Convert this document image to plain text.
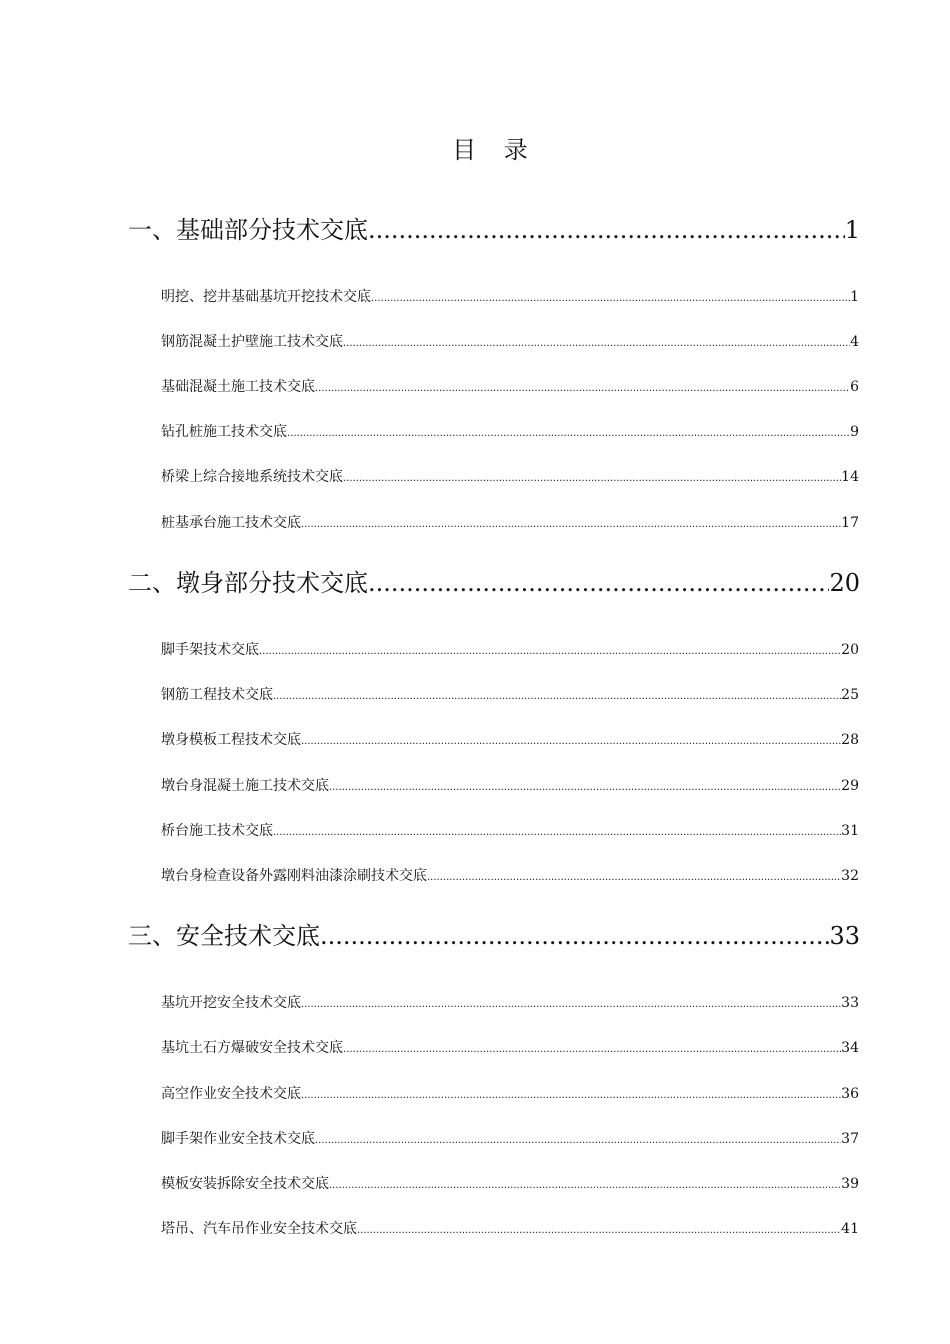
目 录
一、基础部分技术交底 .....	1
明挖、挖井基础基坑开挖技术交底 .....	1
钢筋混凝土护壁施工技术交底 .....	4
基础混凝土施工技术交底 .....	6
钻孔桩施工技术交底 .....	9
桥梁上综合接地系统技术交底 .....	14
桩基承台施工技术交底 .....	17
二、墩身部分技术交底 .....	20
脚手架技术交底 .....	20
钢筋工程技术交底 .....	25
墩身模板工程技术交底 .....	28
墩台身混凝土施工技术交底 .....	29
桥台施工技术交底 .....	31
墩台身检查设备外露刚料油漆涂刷技术交底 .....	32
三、安全技术交底 .....	33
基坑开挖安全技术交底 .....	33
基坑土石方爆破安全技术交底 .....	34
高空作业安全技术交底 .....	36
脚手架作业安全技术交底 .....	37
模板安装拆除安全技术交底 .....	39
塔吊、汽车吊作业安全技术交底 .....	41
